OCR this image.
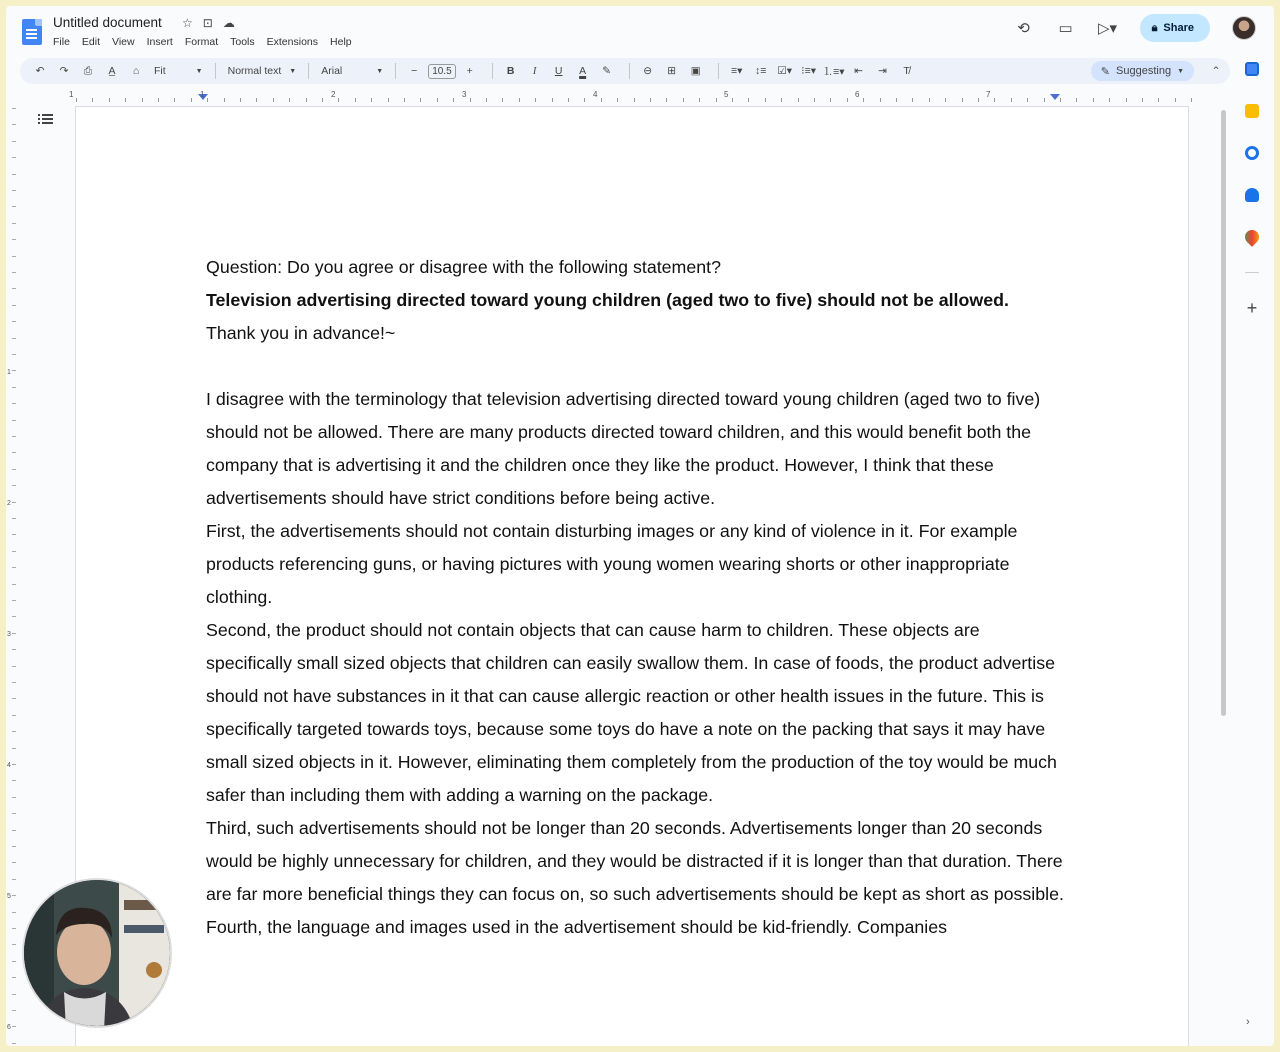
Untitled document ☆ ⊡ ☁
File Edit View Insert Format Tools Extensions Help
⟲ ▭ ▷▾	🔒︎ Share
↶	↷	⎙	A̲	⌂	Fit	▼ Normal text ▼ Arial	▼	−	10.5	+	B	I	U	A	✎	⊖	⊞	▣	≡▾	↕≡	☑▾ ⁝≡▾ ⒈≡▾ ⇤	⇥	T̸	✎ Suggesting ▼	⌃
1	1	2	3	4	5	6	7
1
2
3
4
5
6

Question: Do you agree or disagree with the following statement?

Television advertising directed toward young children (aged two to five) should not be allowed.

Thank you in advance!~

I disagree with the terminology that television advertising directed toward young children (aged two to five) should not be allowed. There are many products directed toward children, and this would benefit both the company that is advertising it and the children once they like the product. However, I think that these advertisements should have strict conditions before being active.

First, the advertisements should not contain disturbing images or any kind of violence in it. For example products referencing guns, or having pictures with young women wearing shorts or other inappropriate clothing.

Second, the product should not contain objects that can cause harm to children. These objects are specifically small sized objects that children can easily swallow them. In case of foods, the product advertise should not have substances in it that can cause allergic reaction or other health issues in the future. This is specifically targeted towards toys, because some toys do have a note on the packing that says it may have small sized objects in it. However, eliminating them completely from the production of the toy would be much safer than including them with adding a warning on the package.

Third, such advertisements should not be longer than 20 seconds. Advertisements longer than 20 seconds would be highly unnecessary for children, and they would be distracted if it is longer than that duration. There are far more beneficial things they can focus on, so such advertisements should be kept as short as possible.

Fourth, the language and images used in the advertisement should be kid-friendly. Companies

+
›
